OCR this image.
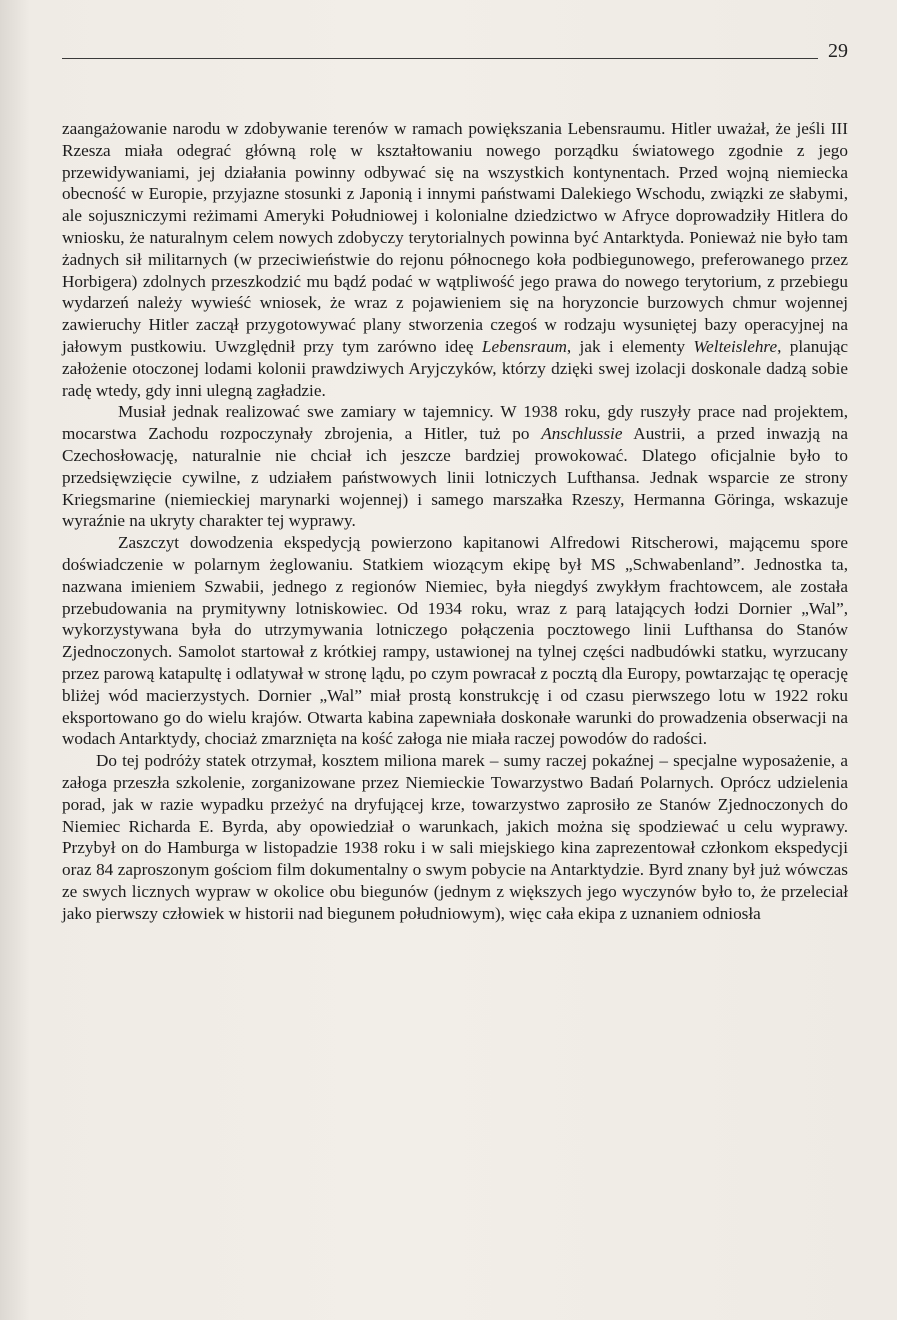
29

zaangażowanie narodu w zdobywanie terenów w ramach powiększania Lebensraumu. Hitler uważał, że jeśli III Rzesza miała odegrać główną rolę w kształtowaniu nowego porządku światowego zgodnie z jego przewidywaniami, jej działania powinny odbywać się na wszystkich kontynentach. Przed wojną niemiecka obecność w Europie, przyjazne stosunki z Japonią i innymi państwami Dalekiego Wschodu, związki ze słabymi, ale sojuszniczymi reżimami Ameryki Południowej i kolonialne dziedzictwo w Afryce doprowadziły Hitlera do wniosku, że naturalnym celem nowych zdobyczy terytorialnych powinna być Antarktyda. Ponieważ nie było tam żadnych sił militarnych (w przeciwieństwie do rejonu północnego koła podbiegunowego, preferowanego przez Horbigera) zdolnych przeszkodzić mu bądź podać w wątpliwość jego prawa do nowego terytorium, z przebiegu wydarzeń należy wywieść wniosek, że wraz z pojawieniem się na horyzoncie burzowych chmur wojennej zawieruchy Hitler zaczął przygotowywać plany stworzenia czegoś w rodzaju wysuniętej bazy operacyjnej na jałowym pustkowiu. Uwzględnił przy tym zarówno ideę Lebensraum, jak i elementy Welteislehre, planując założenie otoczonej lodami kolonii prawdziwych Aryjczyków, którzy dzięki swej izolacji doskonale dadzą sobie radę wtedy, gdy inni ulegną zagładzie.

Musiał jednak realizować swe zamiary w tajemnicy. W 1938 roku, gdy ruszyły prace nad projektem, mocarstwa Zachodu rozpoczynały zbrojenia, a Hitler, tuż po Anschlussie Austrii, a przed inwazją na Czechosłowację, naturalnie nie chciał ich jeszcze bardziej prowokować. Dlatego oficjalnie było to przedsięwzięcie cywilne, z udziałem państwowych linii lotniczych Lufthansa. Jednak wsparcie ze strony Kriegsmarine (niemieckiej marynarki wojennej) i samego marszałka Rzeszy, Hermanna Göringa, wskazuje wyraźnie na ukryty charakter tej wyprawy.

Zaszczyt dowodzenia ekspedycją powierzono kapitanowi Alfredowi Ritscherowi, mającemu spore doświadczenie w polarnym żeglowaniu. Statkiem wiozącym ekipę był MS „Schwabenland”. Jednostka ta, nazwana imieniem Szwabii, jednego z regionów Niemiec, była niegdyś zwykłym frachtowcem, ale została przebudowania na prymitywny lotniskowiec. Od 1934 roku, wraz z parą latających łodzi Dornier „Wal”, wykorzystywana była do utrzymywania lotniczego połączenia pocztowego linii Lufthansa do Stanów Zjednoczonych. Samolot startował z krótkiej rampy, ustawionej na tylnej części nadbudówki statku, wyrzucany przez parową katapultę i odlatywał w stronę lądu, po czym powracał z pocztą dla Europy, powtarzając tę operację bliżej wód macierzystych. Dornier „Wal” miał prostą konstrukcję i od czasu pierwszego lotu w 1922 roku eksportowano go do wielu krajów. Otwarta kabina zapewniała doskonałe warunki do prowadzenia obserwacji na wodach Antarktydy, chociaż zmarznięta na kość załoga nie miała raczej powodów do radości.

Do tej podróży statek otrzymał, kosztem miliona marek – sumy raczej pokaźnej – specjalne wyposażenie, a załoga przeszła szkolenie, zorganizowane przez Niemieckie Towarzystwo Badań Polarnych. Oprócz udzielenia porad, jak w razie wypadku przeżyć na dryfującej krze, towarzystwo zaprosiło ze Stanów Zjednoczonych do Niemiec Richarda E. Byrda, aby opowiedział o warunkach, jakich można się spodziewać u celu wyprawy. Przybył on do Hamburga w listopadzie 1938 roku i w sali miejskiego kina zaprezentował członkom ekspedycji oraz 84 zaproszonym gościom film dokumentalny o swym pobycie na Antarktydzie. Byrd znany był już wówczas ze swych licznych wypraw w okolice obu biegunów (jednym z większych jego wyczynów było to, że przeleciał jako pierwszy człowiek w historii nad biegunem południowym), więc cała ekipa z uznaniem odniosła
